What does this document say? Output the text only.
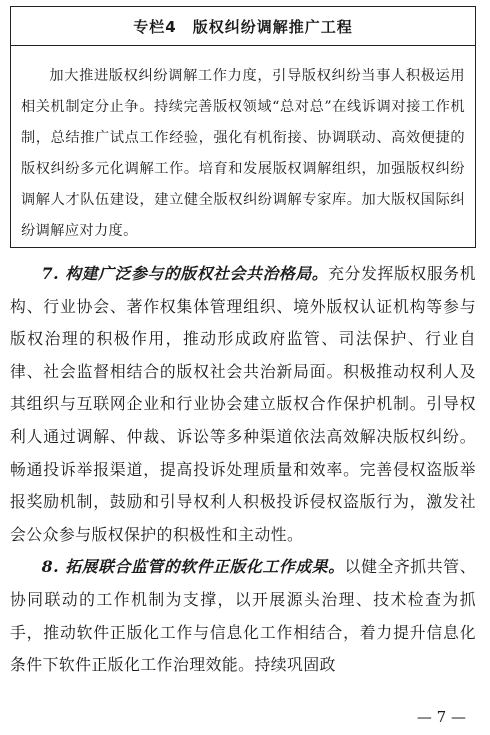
专栏4　版权纠纷调解推广工程
加大推进版权纠纷调解工作力度，引导版权纠纷当事人积极运用相关机制定分止争。持续完善版权领域“总对总”在线诉调对接工作机制，总结推广试点工作经验，强化有机衔接、协调联动、高效便捷的版权纠纷多元化调解工作。培育和发展版权调解组织，加强版权纠纷调解人才队伍建设，建立健全版权纠纷调解专家库。加大版权国际纠纷调解应对力度。

7. 构建广泛参与的版权社会共治格局。充分发挥版权服务机构、行业协会、著作权集体管理组织、境外版权认证机构等参与版权治理的积极作用，推动形成政府监管、司法保护、行业自律、社会监督相结合的版权社会共治新局面。积极推动权利人及其组织与互联网企业和行业协会建立版权合作保护机制。引导权利人通过调解、仲裁、诉讼等多种渠道依法高效解决版权纠纷。畅通投诉举报渠道，提高投诉处理质量和效率。完善侵权盗版举报奖励机制，鼓励和引导权利人积极投诉侵权盗版行为，激发社会公众参与版权保护的积极性和主动性。

8. 拓展联合监管的软件正版化工作成果。以健全齐抓共管、协同联动的工作机制为支撑，以开展源头治理、技术检查为抓手，推动软件正版化工作与信息化工作相结合，着力提升信息化条件下软件正版化工作治理效能。持续巩固政

— 7 —
